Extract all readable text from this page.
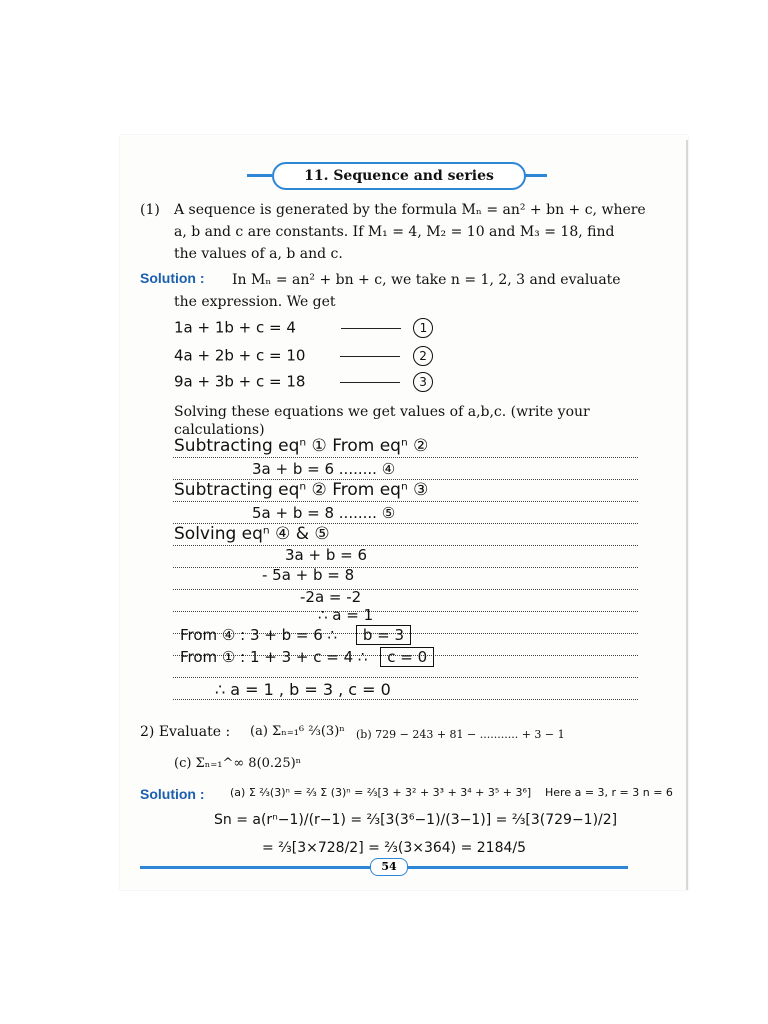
11. Sequence and series
(1) A sequence is generated by the formula Mₙ = an² + bn + c, where
a, b and c are constants. If M₁ = 4, M₂ = 10 and M₃ = 18, find
the values of a, b and c.
Solution : In Mₙ = an² + bn + c, we take n = 1, 2, 3 and evaluate
the expression. We get
1a + 1b + c = 4	1
4a + 2b + c = 10	2
9a + 3b + c = 18	3
Solving these equations we get values of a,b,c. (write your
calculations)
Subtracting eqⁿ ① From eqⁿ ②
3a + b = 6 ........ ④
Subtracting eqⁿ ② From eqⁿ ③
5a + b = 8 ........ ⑤
Solving eqⁿ ④ & ⑤
3a + b = 6
- 5a + b = 8
-2a = -2
∴ a = 1
From ④ : 3 + b = 6 ∴ b = 3
From ① : 1 + 3 + c = 4 ∴ c = 0
∴ a = 1 , b = 3 , c = 0
2) Evaluate : (a) Σₙ₌₁⁶ ⅔(3)ⁿ (b) 729 − 243 + 81 − ........... + 3 − 1
(c) Σₙ₌₁^∞ 8(0.25)ⁿ
Solution : (a) Σ ⅔(3)ⁿ = ⅔ Σ (3)ⁿ = ⅔[3 + 3² + 3³ + 3⁴ + 3⁵ + 3⁶] Here a = 3, r = 3 n = 6
Sn = a(rⁿ−1)/(r−1) = ⅔[3(3⁶−1)/(3−1)] = ⅔[3(729−1)/2]
= ⅔[3×728/2] = ⅔(3×364) = 2184/5
54
